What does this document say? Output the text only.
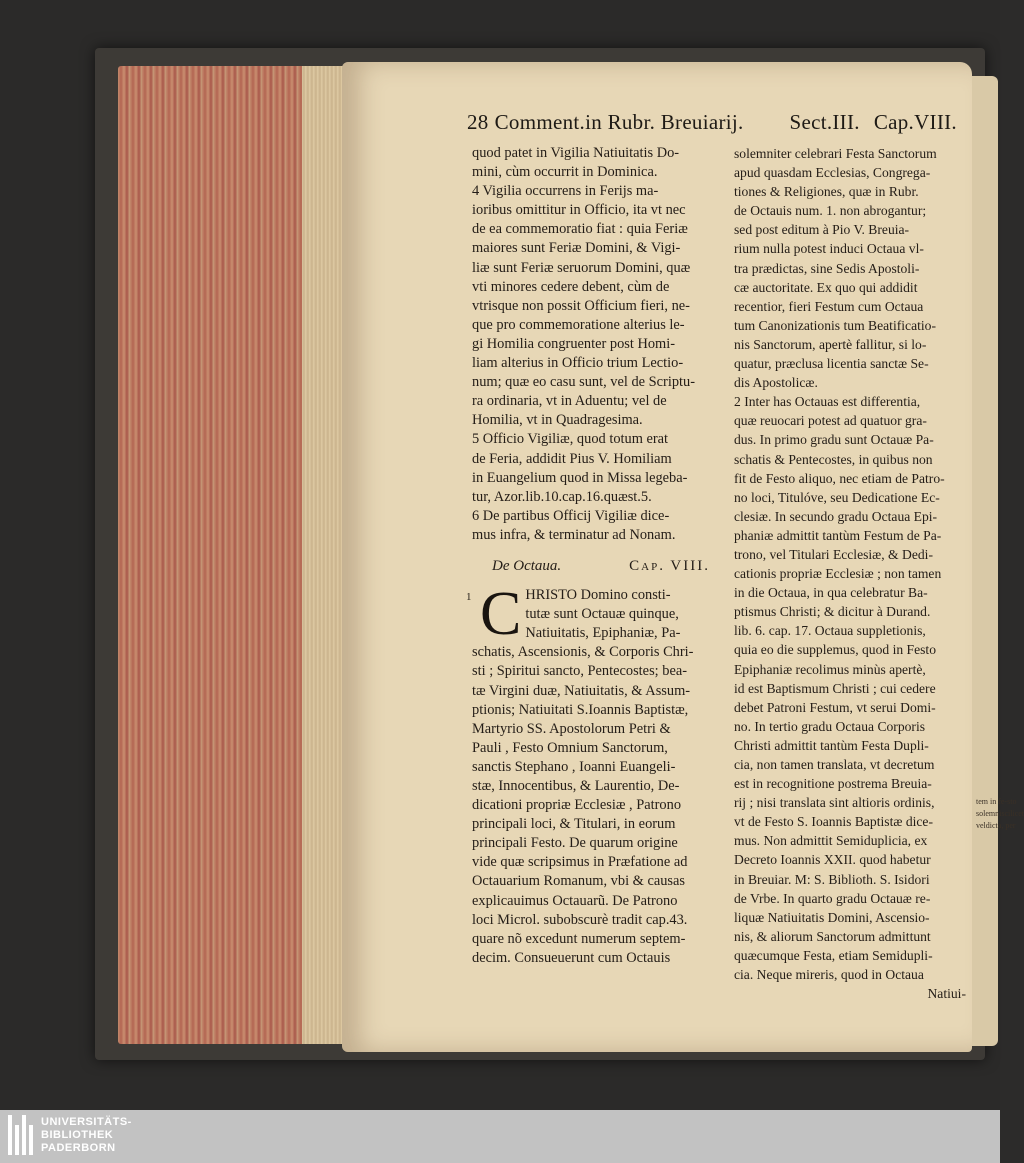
28 Comment.in Rubr. Breuiarij.	Sect.III. Cap.VIII.
quod patet in Vigilia Natiuitatis Do-
mini, cùm occurrit in Dominica.
4 Vigilia occurrens in Ferijs ma-
ioribus omittitur in Officio, ita vt nec
de ea commemoratio fiat : quia Feriæ
maiores sunt Feriæ Domini, & Vigi-
liæ sunt Feriæ seruorum Domini, quæ
vti minores cedere debent, cùm de
vtrisque non possit Officium fieri, ne-
que pro commemoratione alterius le-
gi Homilia congruenter post Homi-
liam alterius in Officio trium Lectio-
num; quæ eo casu sunt, vel de Scriptu-
ra ordinaria, vt in Aduentu; vel de
Homilia, vt in Quadragesima.
5 Officio Vigiliæ, quod totum erat
de Feria, addidit Pius V. Homiliam
in Euangelium quod in Missa legeba-
tur, Azor.lib.10.cap.16.quæst.5.
6 De partibus Officij Vigiliæ dice-
mus infra, & terminatur ad Nonam.
De Octaua.	Cap. VIII.
1 C HRISTO Domino consti-
tutæ sunt Octauæ quinque,
Natiuitatis, Epiphaniæ, Pa-
schatis, Ascensionis, & Corporis Chri-
sti ; Spiritui sancto, Pentecostes; bea-
tæ Virgini duæ, Natiuitatis, & Assum-
ptionis; Natiuitati S.Ioannis Baptistæ,
Martyrio SS. Apostolorum Petri &
Pauli , Festo Omnium Sanctorum,
sanctis Stephano , Ioanni Euangeli-
stæ, Innocentibus, & Laurentio, De-
dicationi propriæ Ecclesiæ , Patrono
principali loci, & Titulari, in eorum
principali Festo. De quarum origine
vide quæ scripsimus in Præfatione ad
Octauarium Romanum, vbi & causas
explicauimus Octauarũ. De Patrono
loci Microl. subobscurè tradit cap.43.
quare nõ excedunt numerum septem-
decim. Consueuerunt cum Octauis
solemniter celebrari Festa Sanctorum
apud quasdam Ecclesias, Congrega-
tiones & Religiones, quæ in Rubr.
de Octauis num. 1. non abrogantur;
sed post editum à Pio V. Breuia-
rium nulla potest induci Octaua vl-
tra prædictas, sine Sedis Apostoli-
cæ auctoritate. Ex quo qui addidit
recentior, fieri Festum cum Octaua
tum Canonizationis tum Beatificatio-
nis Sanctorum, apertè fallitur, si lo-
quatur, præclusa licentia sanctæ Se-
dis Apostolicæ.
2 Inter has Octauas est differentia,
quæ reuocari potest ad quatuor gra-
dus. In primo gradu sunt Octauæ Pa-
schatis & Pentecostes, in quibus non
fit de Festo aliquo, nec etiam de Patro-
no loci, Titulóve, seu Dedicatione Ec-
clesiæ. In secundo gradu Octaua Epi-
phaniæ admittit tantùm Festum de Pa-
trono, vel Titulari Ecclesiæ, & Dedi-
cationis propriæ Ecclesiæ ; non tamen
in die Octaua, in qua celebratur Ba-
ptismus Christi; & dicitur à Durand.
lib. 6. cap. 17. Octaua suppletionis,
quia eo die supplemus, quod in Festo
Epiphaniæ recolimus minùs apertè,
id est Baptismum Christi ; cui cedere
debet Patroni Festum, vt serui Domi-
no. In tertio gradu Octaua Corporis
Christi admittit tantùm Festa Dupli-
cia, non tamen translata, vt decretum
est in recognitione postrema Breuia-
rij ; nisi translata sint altioris ordinis,
vt de Festo S. Ioannis Baptistæ dice-
mus. Non admittit Semiduplicia, ex
Decreto Ioannis XXII. quod habetur
in Breuiar. M: S. Biblioth. S. Isidori
de Vrbe. In quarto gradu Octauæ re-
liquæ Natiuitatis Domini, Ascensio-
nis, & aliorum Sanctorum admittunt
quæcumque Festa, etiam Semidupli-
cia. Neque mireris, quod in Octaua
Natiui-
tem in fe-sto solemniscilicet veldicta, per
UNIVERSITÄTS-
BIBLIOTHEK
PADERBORN
